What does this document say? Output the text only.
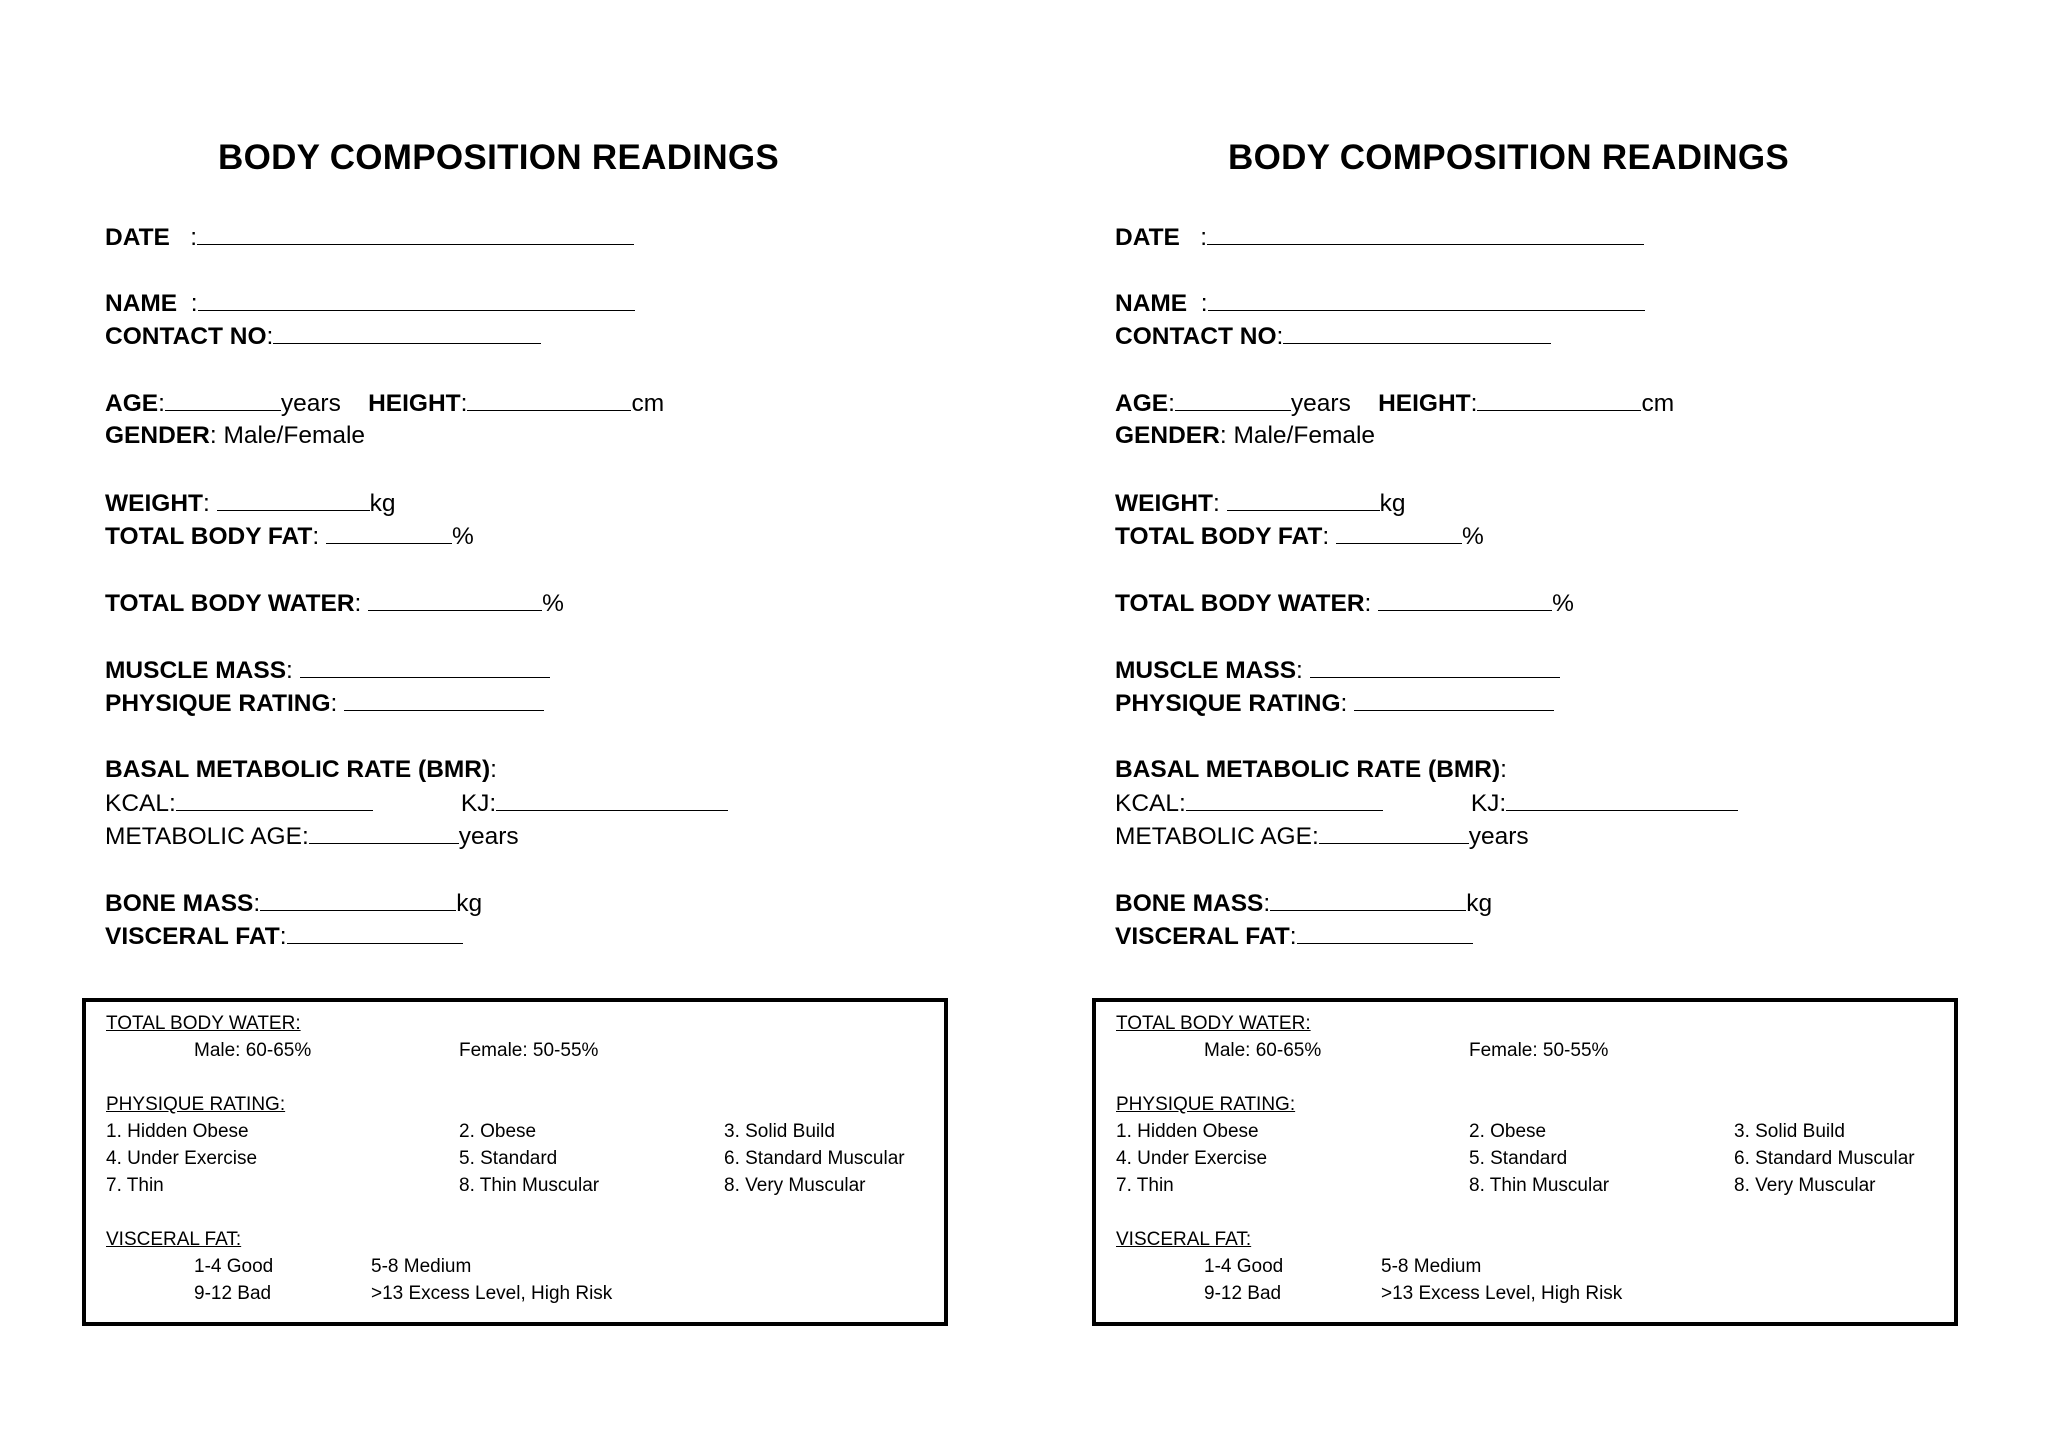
BODY COMPOSITION READINGS
DATE :
NAME :
CONTACT NO:
AGE:	years HEIGHT:	cm
GENDER: Male/Female
WEIGHT:	kg
TOTAL BODY FAT:	%
TOTAL BODY WATER:	%
MUSCLE MASS:
PHYSIQUE RATING:
BASAL METABOLIC RATE (BMR):
KCAL:	KJ:
METABOLIC AGE:	years
BONE MASS:	kg
VISCERAL FAT:
TOTAL BODY WATER:
Male: 60-65%	Female: 50-55%
PHYSIQUE RATING:
1. Hidden Obese	2. Obese	3. Solid Build
4. Under Exercise	5. Standard	6. Standard Muscular
7. Thin	8. Thin Muscular	8. Very Muscular
VISCERAL FAT:
1-4 Good	5-8 Medium
9-12 Bad	>13 Excess Level, High Risk
BODY COMPOSITION READINGS
DATE :
NAME :
CONTACT NO:
AGE:	years HEIGHT:	cm
GENDER: Male/Female
WEIGHT:	kg
TOTAL BODY FAT:	%
TOTAL BODY WATER:	%
MUSCLE MASS:
PHYSIQUE RATING:
BASAL METABOLIC RATE (BMR):
KCAL:	KJ:
METABOLIC AGE:	years
BONE MASS:	kg
VISCERAL FAT:
TOTAL BODY WATER:
Male: 60-65%	Female: 50-55%
PHYSIQUE RATING:
1. Hidden Obese	2. Obese	3. Solid Build
4. Under Exercise	5. Standard	6. Standard Muscular
7. Thin	8. Thin Muscular	8. Very Muscular
VISCERAL FAT:
1-4 Good	5-8 Medium
9-12 Bad	>13 Excess Level, High Risk
